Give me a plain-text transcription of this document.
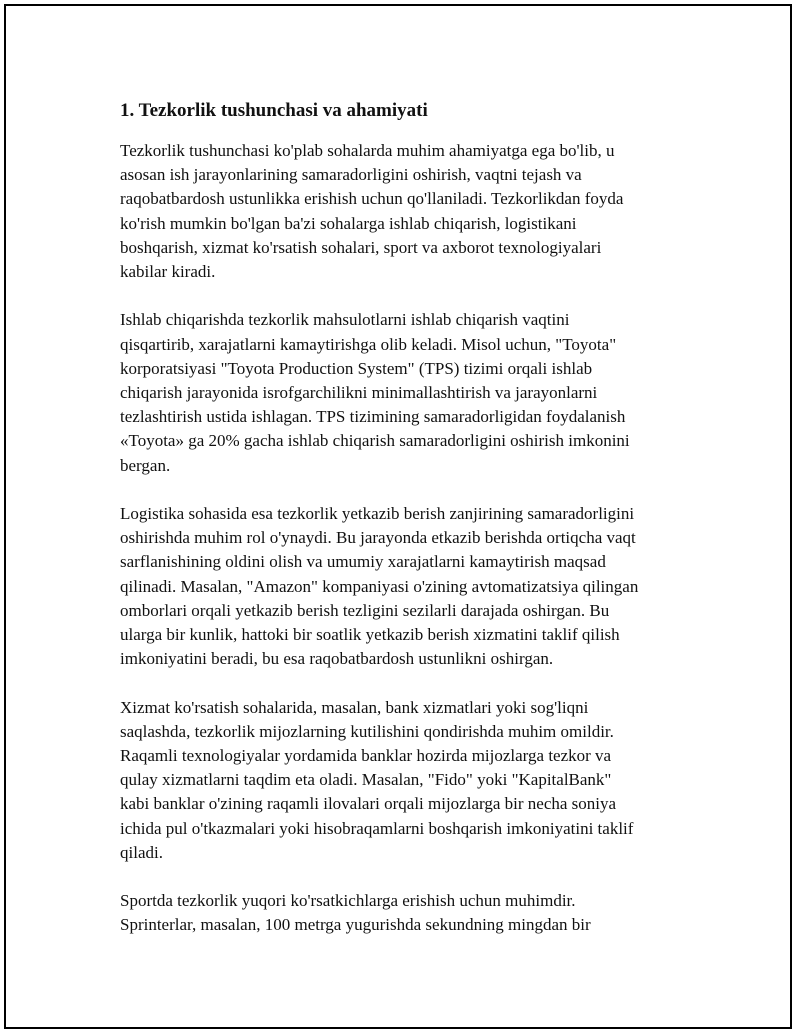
1. Tezkorlik tushunchasi va ahamiyati

Tezkorlik tushunchasi ko'plab sohalarda muhim ahamiyatga ega bo'lib, u
asosan ish jarayonlarining samaradorligini oshirish, vaqtni tejash va
raqobatbardosh ustunlikka erishish uchun qo'llaniladi. Tezkorlikdan foyda
ko'rish mumkin bo'lgan ba'zi sohalarga ishlab chiqarish, logistikani
boshqarish, xizmat ko'rsatish sohalari, sport va axborot texnologiyalari
kabilar kiradi.

Ishlab chiqarishda tezkorlik mahsulotlarni ishlab chiqarish vaqtini
qisqartirib, xarajatlarni kamaytirishga olib keladi. Misol uchun, "Toyota"
korporatsiyasi "Toyota Production System" (TPS) tizimi orqali ishlab
chiqarish jarayonida isrofgarchilikni minimallashtirish va jarayonlarni
tezlashtirish ustida ishlagan. TPS tizimining samaradorligidan foydalanish
«Toyota» ga 20% gacha ishlab chiqarish samaradorligini oshirish imkonini
bergan.

Logistika sohasida esa tezkorlik yetkazib berish zanjirining samaradorligini
oshirishda muhim rol o'ynaydi. Bu jarayonda etkazib berishda ortiqcha vaqt
sarflanishining oldini olish va umumiy xarajatlarni kamaytirish maqsad
qilinadi. Masalan, "Amazon" kompaniyasi o'zining avtomatizatsiya qilingan
omborlari orqali yetkazib berish tezligini sezilarli darajada oshirgan. Bu
ularga bir kunlik, hattoki bir soatlik yetkazib berish xizmatini taklif qilish
imkoniyatini beradi, bu esa raqobatbardosh ustunlikni oshirgan.

Xizmat ko'rsatish sohalarida, masalan, bank xizmatlari yoki sog'liqni
saqlashda, tezkorlik mijozlarning kutilishini qondirishda muhim omildir.
Raqamli texnologiyalar yordamida banklar hozirda mijozlarga tezkor va
qulay xizmatlarni taqdim eta oladi. Masalan, "Fido" yoki "KapitalBank"
kabi banklar o'zining raqamli ilovalari orqali mijozlarga bir necha soniya
ichida pul o'tkazmalari yoki hisobraqamlarni boshqarish imkoniyatini taklif
qiladi.

Sportda tezkorlik yuqori ko'rsatkichlarga erishish uchun muhimdir.
Sprinterlar, masalan, 100 metrga yugurishda sekundning mingdan bir
